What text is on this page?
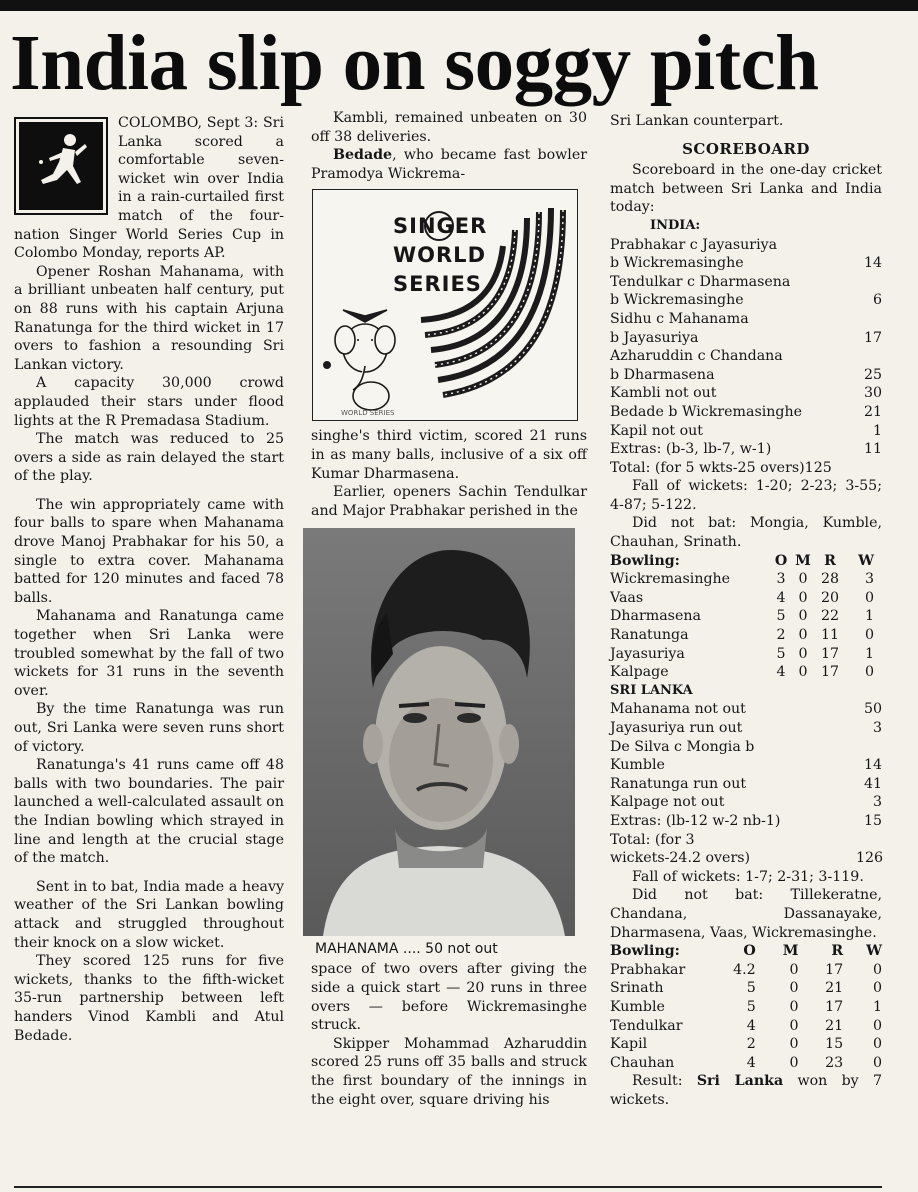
India slip on soggy pitch

COLOMBO, Sept 3: Sri Lanka scored a comfortable seven-wicket win over India in a rain-curtailed first match of the four-nation Singer World Series Cup in Colombo Monday, reports AP.

Opener Roshan Mahanama, with a brilliant unbeaten half century, put on 88 runs with his captain Arjuna Ranatunga for the third wicket in 17 overs to fashion a resounding Sri Lankan victory.

A capacity 30,000 crowd applauded their stars under flood lights at the R Premadasa Stadium.

The match was reduced to 25 overs a side as rain delayed the start of the play.

The win appropriately came with four balls to spare when Mahanama drove Manoj Prabhakar for his 50, a single to extra cover. Mahanama batted for 120 minutes and faced 78 balls.

Mahanama and Ranatunga came together when Sri Lanka were troubled somewhat by the fall of two wickets for 31 runs in the seventh over.

By the time Ranatunga was run out, Sri Lanka were seven runs short of victory.

Ranatunga's 41 runs came off 48 balls with two boundaries. The pair launched a well-calculated assault on the Indian bowling which strayed in line and length at the crucial stage of the match.

Sent in to bat, India made a heavy weather of the Sri Lankan bowling attack and struggled throughout their knock on a slow wicket.

They scored 125 runs for five wickets, thanks to the fifth-wicket 35-run partnership between left handers Vinod Kambli and Atul Bedade.

Kambli, remained unbeaten on 30 off 38 deliveries.

Bedade, who became fast bowler Pramodya Wickrema-

WORLD SERIES
SINGER
WORLD
SERIES

singhe's third victim, scored 21 runs in as many balls, inclusive of a six off Kumar Dharmasena.

Earlier, openers Sachin Tendulkar and Major Prabhakar perished in the

MAHANAMA .... 50 not out

space of two overs after giving the side a quick start — 20 runs in three overs — before Wickremasinghe struck.

Skipper Mohammad Azharuddin scored 25 runs off 35 balls and struck the first boundary of the innings in the eight over, square driving his

Sri Lankan counterpart.

SCOREBOARD

Scoreboard in the one-day cricket match between Sri Lanka and India today:

INDIA:
Prabhakar c Jayasuriya
b Wickremasinghe	14
Tendulkar c Dharmasena
b Wickremasinghe	6
Sidhu c Mahanama
b Jayasuriya	17
Azharuddin c Chandana
b Dharmasena	25
Kambli not out	30
Bedade b Wickremasinghe	21
Kapil not out	1
Extras: (b-3, lb-7, w-1)	11
Total: (for 5 wkts-25 overs)125

Fall of wickets: 1-20; 2-23; 3-55; 4-87; 5-122.

Did not bat: Mongia, Kumble, Chauhan, Srinath.

Bowling:	O M R	W
Wickremasinghe	3 0 28	3
Vaas	4 0 20	0
Dharmasena	5 0 22	1
Ranatunga	2 0 11	0
Jayasuriya	5 0 17	1
Kalpage	4 0 17	0
SRI LANKA
Mahanama not out	50
Jayasuriya run out	3
De Silva c Mongia b
Kumble	14
Ranatunga run out	41
Kalpage not out	3
Extras: (lb-12 w-2 nb-1)	15
Total: (for 3
wickets-24.2 overs)	126

Fall of wickets: 1-7; 2-31; 3-119.

Did not bat: Tillekeratne, Chandana, Dassanayake, Dharmasena, Vaas, Wickremasinghe.

Bowling:	O	M	R	W
Prabhakar	4.2	0	17	0
Srinath	5	0	21	0
Kumble	5	0	17	1
Tendulkar	4	0	21	0
Kapil	2	0	15	0
Chauhan	4	0	23	0

Result: Sri Lanka won by 7 wickets.
